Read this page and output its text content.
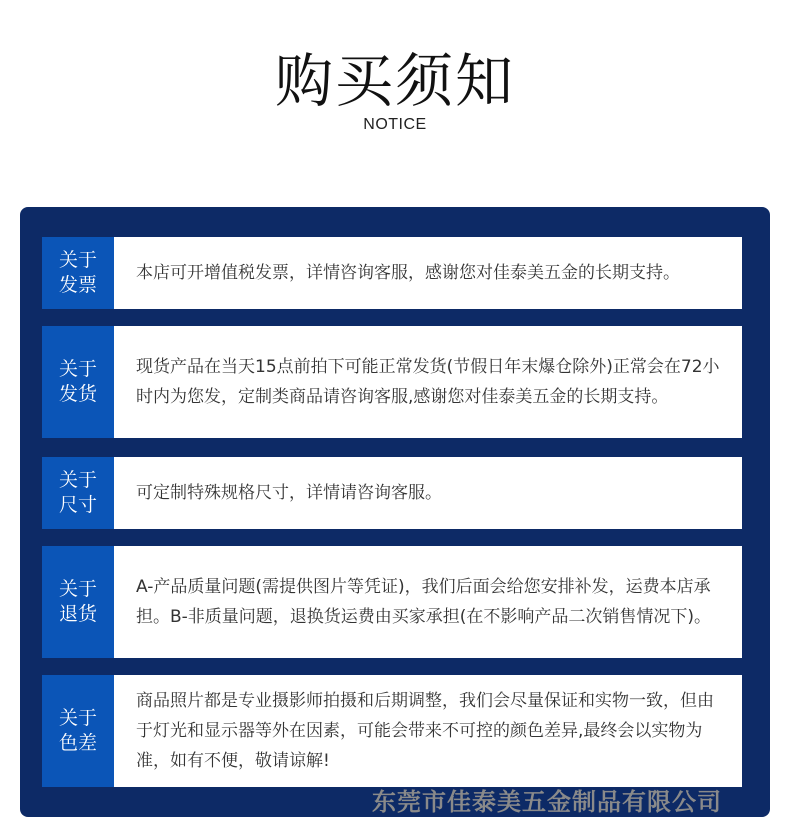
购买须知
NOTICE
关于
发票
本店可开增值税发票，详情咨询客服，感谢您对佳泰美五金的长期支持。
关于
发货
现货产品在当天15点前拍下可能正常发货(节假日年末爆仓除外)正常会在72小时内为您发，定制类商品请咨询客服,感谢您对佳泰美五金的长期支持。
关于
尺寸
可定制特殊规格尺寸，详情请咨询客服。
关于
退货
A-产品质量问题(需提供图片等凭证)，我们后面会给您安排补发，运费本店承担。B-非质量问题，退换货运费由买家承担(在不影响产品二次销售情况下)。
关于
色差
商品照片都是专业摄影师拍摄和后期调整，我们会尽量保证和实物一致，但由于灯光和显示器等外在因素，可能会带来不可控的颜色差异,最终会以实物为准，如有不便，敬请谅解!
东莞市佳泰美五金制品有限公司
